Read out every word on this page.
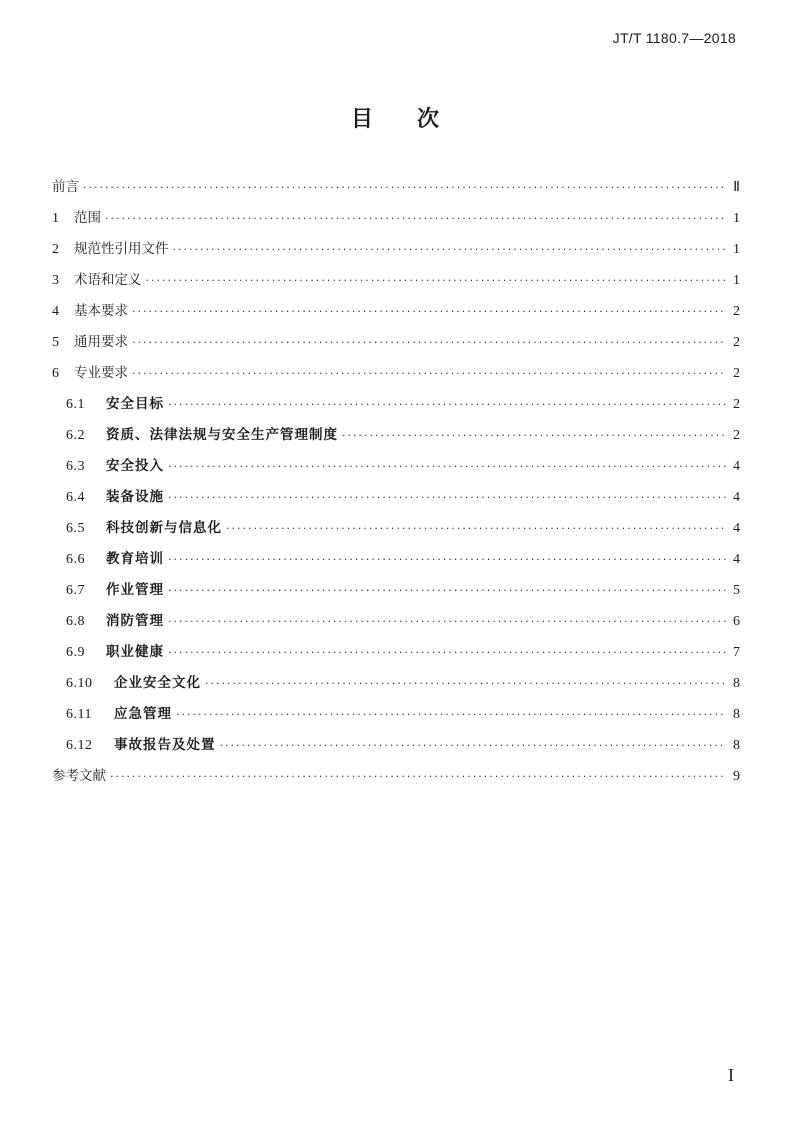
JT/T 1180.7—2018
目 次
前言 ·····	Ⅱ
1	范围 ·····	1
2	规范性引用文件 ·····	1
3	术语和定义 ·····	1
4	基本要求 ·····	2
5	通用要求 ·····	2
6	专业要求 ·····	2
6.1	安全目标 ·····	2
6.2	资质、法律法规与安全生产管理制度 ·····	2
6.3	安全投入 ·····	4
6.4	装备设施 ·····	4
6.5	科技创新与信息化 ·····	4
6.6	教育培训 ·····	4
6.7	作业管理 ·····	5
6.8	消防管理 ·····	6
6.9	职业健康 ·····	7
6.10	企业安全文化 ·····	8
6.11	应急管理 ·····	8
6.12	事故报告及处置 ·····	8
参考文献 ·····	9
I
